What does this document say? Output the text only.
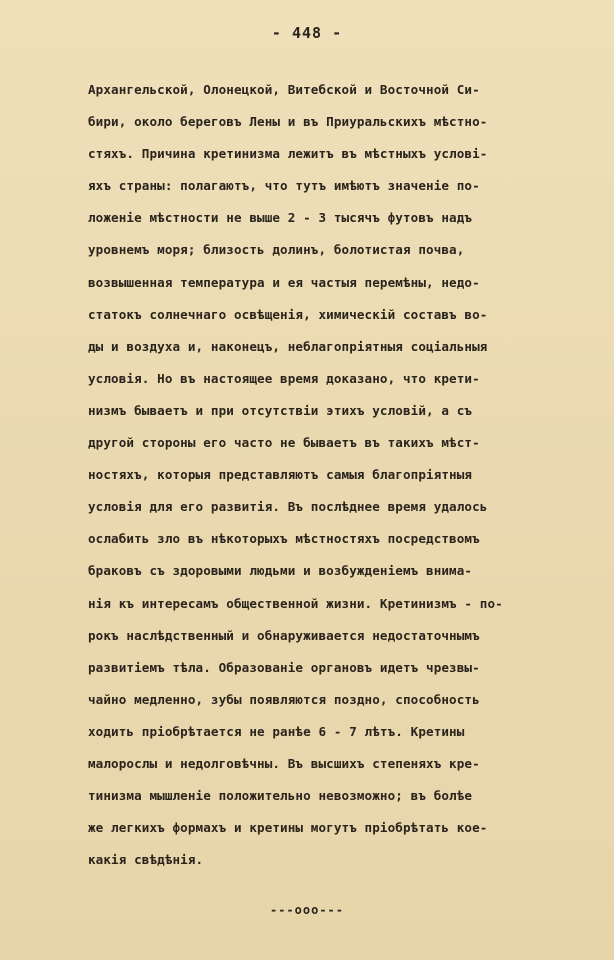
- 448 -
Архангельской, Олонецкой, Витебской и Восточной Си-
бири, около береговъ Лены и въ Приуральскихъ мѣстно-
стяхъ. Причина кретинизма лежитъ въ мѣстныхъ условi-
яхъ страны: полагаютъ, что тутъ имѣютъ значенiе по-
ложенiе мѣстности не выше 2 - 3 тысячъ футовъ надъ
уровнемъ моря; близость долинъ, болотистая почва,
возвышенная температура и ея частыя перемѣны, недо-
статокъ солнечнаго освѣщенiя, химическiй составъ во-
ды и воздуха и, наконецъ, неблагопрiятныя соцiальныя
условiя. Но въ настоящее время доказано, что крети-
низмъ бываетъ и при отсутствiи этихъ условiй, а съ
другой стороны его часто не бываетъ въ такихъ мѣст-
ностяхъ, которыя представляютъ самыя благопрiятныя
условiя для его развитiя. Въ послѣднее время удалось
ослабить зло въ нѣкоторыхъ мѣстностяхъ посредствомъ
браковъ съ здоровыми людьми и возбужденiемъ внима-
нiя къ интересамъ общественной жизни. Кретинизмъ - по-
рокъ наслѣдственный и обнаруживается недостаточнымъ
развитiемъ тѣла. Образованiе органовъ идетъ чрезвы-
чайно медленно, зубы появляются поздно, способность
ходить прiобрѣтается не ранѣе 6 - 7 лѣтъ. Кретины
малорослы и недолговѣчны. Въ высшихъ степеняхъ кре-
тинизма мышленiе положительно невозможно; въ болѣе
же легкихъ формахъ и кретины могутъ прiобрѣтать кое-
какiя свѣдѣнiя.
---ооо---
